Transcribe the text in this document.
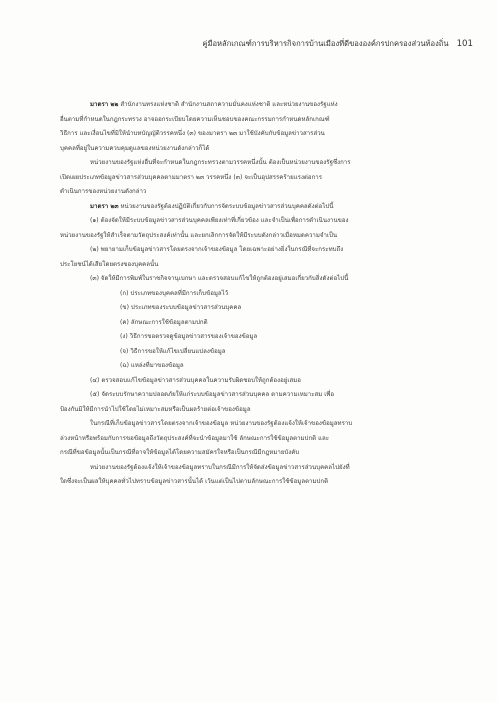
คู่มือหลักเกณฑ์การบริหารกิจการบ้านเมืองที่ดีขององค์กรปกครองส่วนท้องถิ่น 101
มาตรา ๒๒ สำนักงานทรงแห่งชาติ สำนักงานสถาความมั่นคงแห่งชาติ และหน่วยงานของรัฐแห่ง
อื่นตามที่กำหนดในกฎกระทรวง อาจออกระเบียบโดยความเห็นชอบของคณะกรรมการกำหนดหลักเกณฑ์
วิธีการ และเงื่อนไขที่มิให้นำบทบัญญัติวรรคหนึ่ง (๓) ของมาตรา ๒๓ มาใช้บังคับกับข้อมูลข่าวสารส่วน
บุคคลที่อยู่ในความควบคุมดูแลของหน่วยงานดังกล่าวก็ได้
หน่วยงานของรัฐแห่งอื่นที่จะกำหนดในกฎกระทรวงตามวรรคหนึ่งนั้น ต้องเป็นหน่วยงานของรัฐซึ่งการ
เปิดเผยประเภทข้อมูลข่าวสารส่วนบุคคลตามมาตรา ๒๓ วรรคหนึ่ง (๓) จะเป็นอุปสรรคร้ายแรงต่อการ
ดำเนินการของหน่วยงานดังกล่าว
มาตรา ๒๓ หน่วยงานของรัฐต้องปฏิบัติเกี่ยวกับการจัดระบบข้อมูลข่าวสารส่วนบุคคลดังต่อไปนี้
(๑) ต้องจัดให้มีระบบข้อมูลข่าวสารส่วนบุคคลเพียงเท่าที่เกี่ยวข้อง และจำเป็นเพื่อการดำเนินงานของ
หน่วยงานของรัฐให้สำเร็จตามวัตถุประสงค์เท่านั้น และยกเลิกการจัดให้มีระบบดังกล่าวเมื่อหมดความจำเป็น
(๒) พยายามเก็บข้อมูลข่าวสารโดยตรงจากเจ้าของข้อมูล โดยเฉพาะอย่างยิ่งในกรณีที่จะกระทบถึง
ประโยชน์ได้เสียโดยตรงของบุคคลนั้น
(๓) จัดให้มีการพิมพ์ในราชกิจจานุเบกษา และตรวจสอบแก้ไขให้ถูกต้องอยู่เสมอเกี่ยวกับสิ่งดังต่อไปนี้
(ก) ประเภทของบุคคลที่มีการเก็บข้อมูลไว้
(ข) ประเภทของระบบข้อมูลข่าวสารส่วนบุคคล
(ค) ลักษณะการใช้ข้อมูลตามปกติ
(ง) วิธีการขอตรวจดูข้อมูลข่าวสารของเจ้าของข้อมูล
(จ) วิธีการขอให้แก้ไขเปลี่ยนแปลงข้อมูล
(ฉ) แหล่งที่มาของข้อมูล
(๔) ตรวจสอบแก้ไขข้อมูลข่าวสารส่วนบุคคลในความรับผิดชอบให้ถูกต้องอยู่เสมอ
(๕) จัดระบบรักษาความปลอดภัยให้แก่ระบบข้อมูลข่าวสารส่วนบุคคล ตามความเหมาะสม เพื่อ
ป้องกันมิให้มีการนำไปใช้โดยไม่เหมาะสมหรือเป็นผลร้ายต่อเจ้าของข้อมูล
ในกรณีที่เก็บข้อมูลข่าวสารโดยตรงจากเจ้าของข้อมูล หน่วยงานของรัฐต้องแจ้งให้เจ้าของข้อมูลทราบ
ล่วงหน้าหรือพร้อมกับการขอข้อมูลถึงวัตถุประสงค์ที่จะนำข้อมูลมาใช้ ลักษณะการใช้ข้อมูลตามปกติ และ
กรณีที่ขอข้อมูลนั้นเป็นกรณีที่อาจให้ข้อมูลได้โดยความสมัครใจหรือเป็นกรณีมีกฎหมายบังคับ
หน่วยงานของรัฐต้องแจ้งให้เจ้าของข้อมูลทราบในกรณีมีการให้จัดส่งข้อมูลข่าวสารส่วนบุคคลไปยังที่
ใดซึ่งจะเป็นผลให้บุคคลทั่วไปทราบข้อมูลข่าวสารนั้นได้ เว้นแต่เป็นไปตามลักษณะการใช้ข้อมูลตามปกติ
